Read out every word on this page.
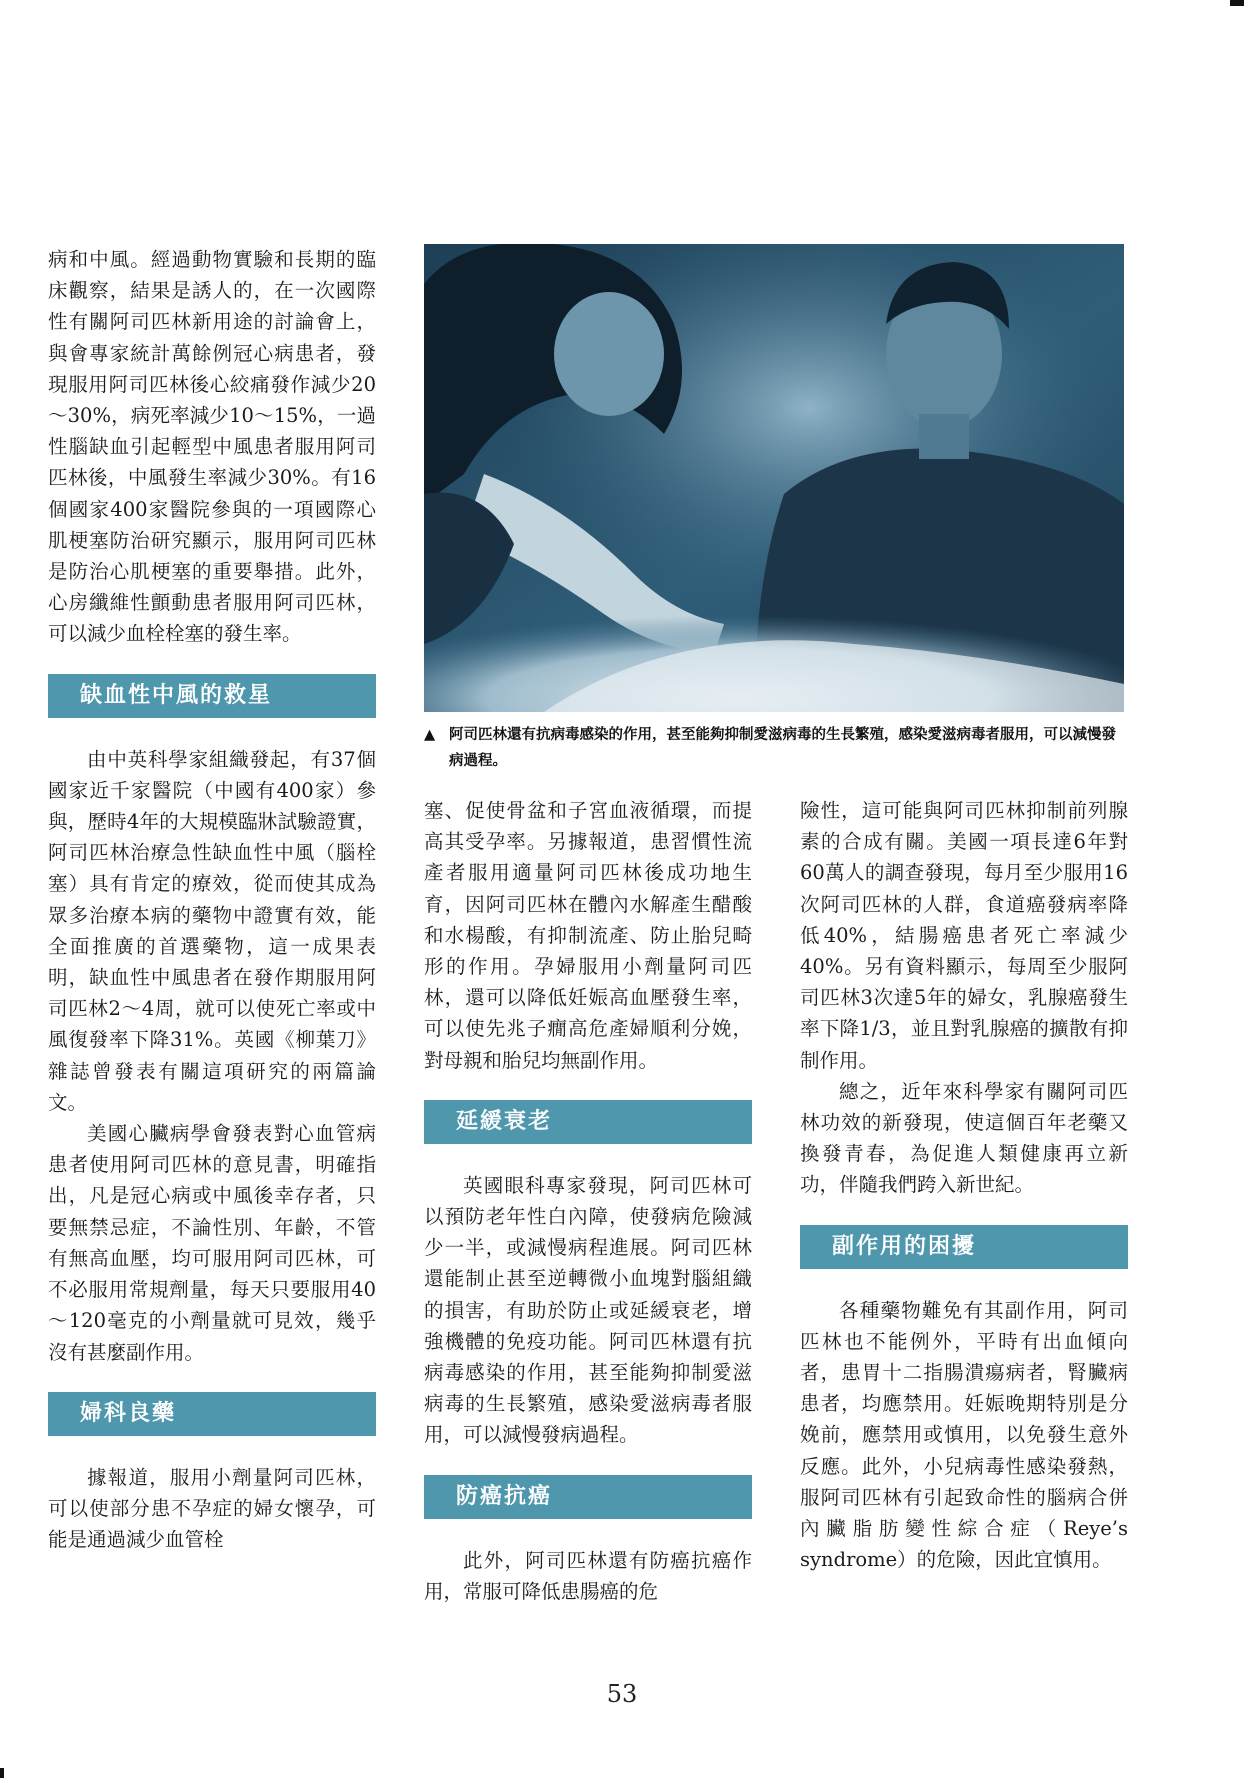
病和中風。經過動物實驗和長期的臨床觀察，結果是誘人的，在一次國際性有關阿司匹林新用途的討論會上，與會專家統計萬餘例冠心病患者，發現服用阿司匹林後心絞痛發作減少20～30%，病死率減少10～15%，一過性腦缺血引起輕型中風患者服用阿司匹林後，中風發生率減少30%。有16個國家400家醫院參與的一項國際心肌梗塞防治研究顯示，服用阿司匹林是防治心肌梗塞的重要舉措。此外，心房纖維性顫動患者服用阿司匹林，可以減少血栓栓塞的發生率。

缺血性中風的救星

由中英科學家組織發起，有37個國家近千家醫院（中國有400家）參與，歷時4年的大規模臨牀試驗證實，阿司匹林治療急性缺血性中風（腦栓塞）具有肯定的療效，從而使其成為眾多治療本病的藥物中證實有效，能全面推廣的首選藥物，這一成果表明，缺血性中風患者在發作期服用阿司匹林2～4周，就可以使死亡率或中風復發率下降31%。英國《柳葉刀》雜誌曾發表有關這項研究的兩篇論文。

美國心臟病學會發表對心血管病患者使用阿司匹林的意見書，明確指出，凡是冠心病或中風後幸存者，只要無禁忌症，不論性別、年齡，不管有無高血壓，均可服用阿司匹林，可不必服用常規劑量，每天只要服用40～120毫克的小劑量就可見效，幾乎沒有甚麼副作用。

婦科良藥

據報道，服用小劑量阿司匹林，可以使部分患不孕症的婦女懷孕，可能是通過減少血管栓

▲ 阿司匹林還有抗病毒感染的作用，甚至能夠抑制愛滋病毒的生長繁殖，感染愛滋病毒者服用，可以減慢發病過程。

塞、促使骨盆和子宮血液循環，而提高其受孕率。另據報道，患習慣性流產者服用適量阿司匹林後成功地生育，因阿司匹林在體內水解產生醋酸和水楊酸，有抑制流產、防止胎兒畸形的作用。孕婦服用小劑量阿司匹林，還可以降低妊娠高血壓發生率，可以使先兆子癇高危產婦順利分娩，對母親和胎兒均無副作用。

延緩衰老

英國眼科專家發現，阿司匹林可以預防老年性白內障，使發病危險減少一半，或減慢病程進展。阿司匹林還能制止甚至逆轉微小血塊對腦組織的損害，有助於防止或延緩衰老，增強機體的免疫功能。阿司匹林還有抗病毒感染的作用，甚至能夠抑制愛滋病毒的生長繁殖，感染愛滋病毒者服用，可以減慢發病過程。

防癌抗癌

此外，阿司匹林還有防癌抗癌作用，常服可降低患腸癌的危

險性，這可能與阿司匹林抑制前列腺素的合成有關。美國一項長達6年對60萬人的調查發現，每月至少服用16次阿司匹林的人群，食道癌發病率降低40%，結腸癌患者死亡率減少40%。另有資料顯示，每周至少服阿司匹林3次達5年的婦女，乳腺癌發生率下降1/3，並且對乳腺癌的擴散有抑制作用。

總之，近年來科學家有關阿司匹林功效的新發現，使這個百年老藥又換發青春，為促進人類健康再立新功，伴隨我們跨入新世紀。

副作用的困擾

各種藥物難免有其副作用，阿司匹林也不能例外，平時有出血傾向者，患胃十二指腸潰瘍病者，腎臟病患者，均應禁用。妊娠晚期特別是分娩前，應禁用或慎用，以免發生意外反應。此外，小兒病毒性感染發熱，服阿司匹林有引起致命性的腦病合併內臟脂肪變性綜合症（Reye’s syndrome）的危險，因此宜慎用。

53
